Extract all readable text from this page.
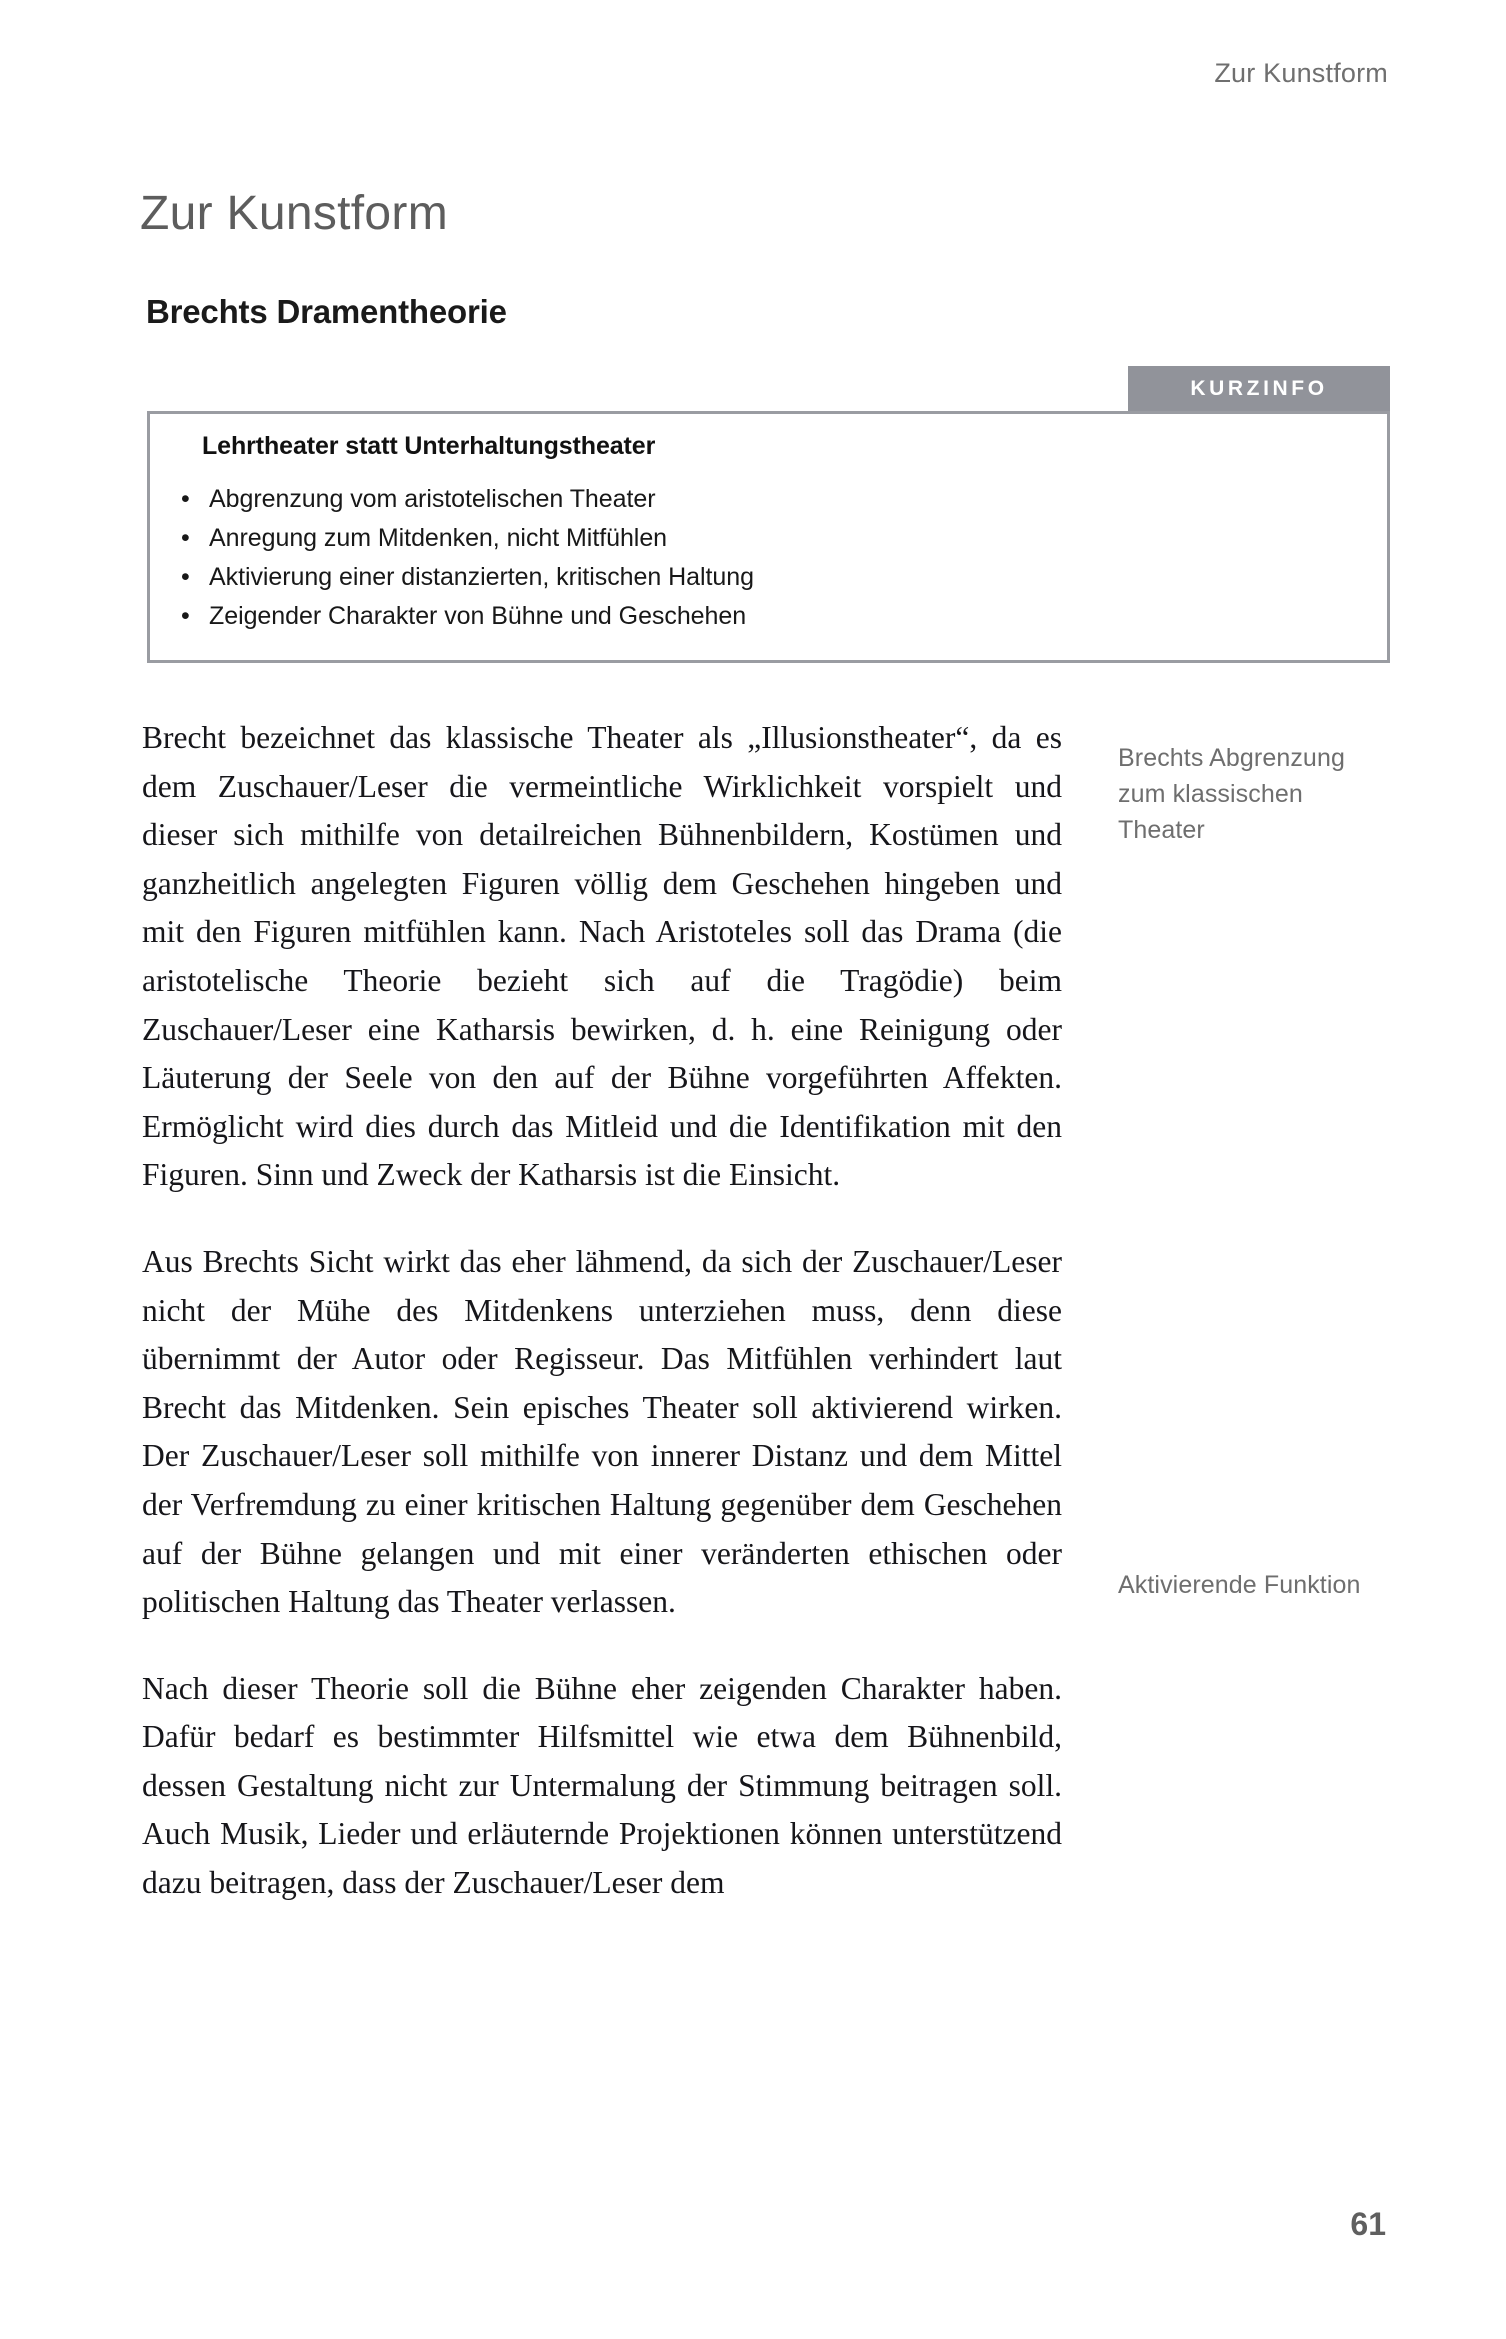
Zur Kunstform
Zur Kunstform
Brechts Dramentheorie
KURZINFO
Lehrtheater statt Unterhaltungstheater
• Abgrenzung vom aristotelischen Theater
• Anregung zum Mitdenken, nicht Mitfühlen
• Aktivierung einer distanzierten, kritischen Haltung
• Zeigender Charakter von Bühne und Geschehen

Brecht bezeichnet das klassische Theater als „Illusionstheater“, da es dem Zuschauer/Leser die vermeintliche Wirklichkeit vorspielt und dieser sich mithilfe von detailreichen Bühnenbildern, Kostümen und ganzheitlich angelegten Figuren völlig dem Geschehen hingeben und mit den Figuren mitfühlen kann. Nach Aristoteles soll das Drama (die aristotelische Theorie bezieht sich auf die Tragödie) beim Zuschauer/Leser eine Katharsis bewirken, d. h. eine Reinigung oder Läuterung der Seele von den auf der Bühne vorgeführten Affekten. Ermöglicht wird dies durch das Mitleid und die Identifikation mit den Figuren. Sinn und Zweck der Katharsis ist die Einsicht.

Aus Brechts Sicht wirkt das eher lähmend, da sich der Zuschauer/Leser nicht der Mühe des Mitdenkens unterziehen muss, denn diese übernimmt der Autor oder Regisseur. Das Mitfühlen verhindert laut Brecht das Mitdenken. Sein episches Theater soll aktivierend wirken. Der Zuschauer/Leser soll mithilfe von innerer Distanz und dem Mittel der Verfremdung zu einer kritischen Haltung gegenüber dem Geschehen auf der Bühne gelangen und mit einer veränderten ethischen oder politischen Haltung das Theater verlassen.

Nach dieser Theorie soll die Bühne eher zeigenden Charakter haben. Dafür bedarf es bestimmter Hilfsmittel wie etwa dem Bühnenbild, dessen Gestaltung nicht zur Untermalung der Stimmung beitragen soll. Auch Musik, Lieder und erläuternde Projektionen können unterstützend dazu beitragen, dass der Zuschauer/Leser dem

Brechts Abgrenzung zum klassischen Theater
Aktivierende Funktion
61
